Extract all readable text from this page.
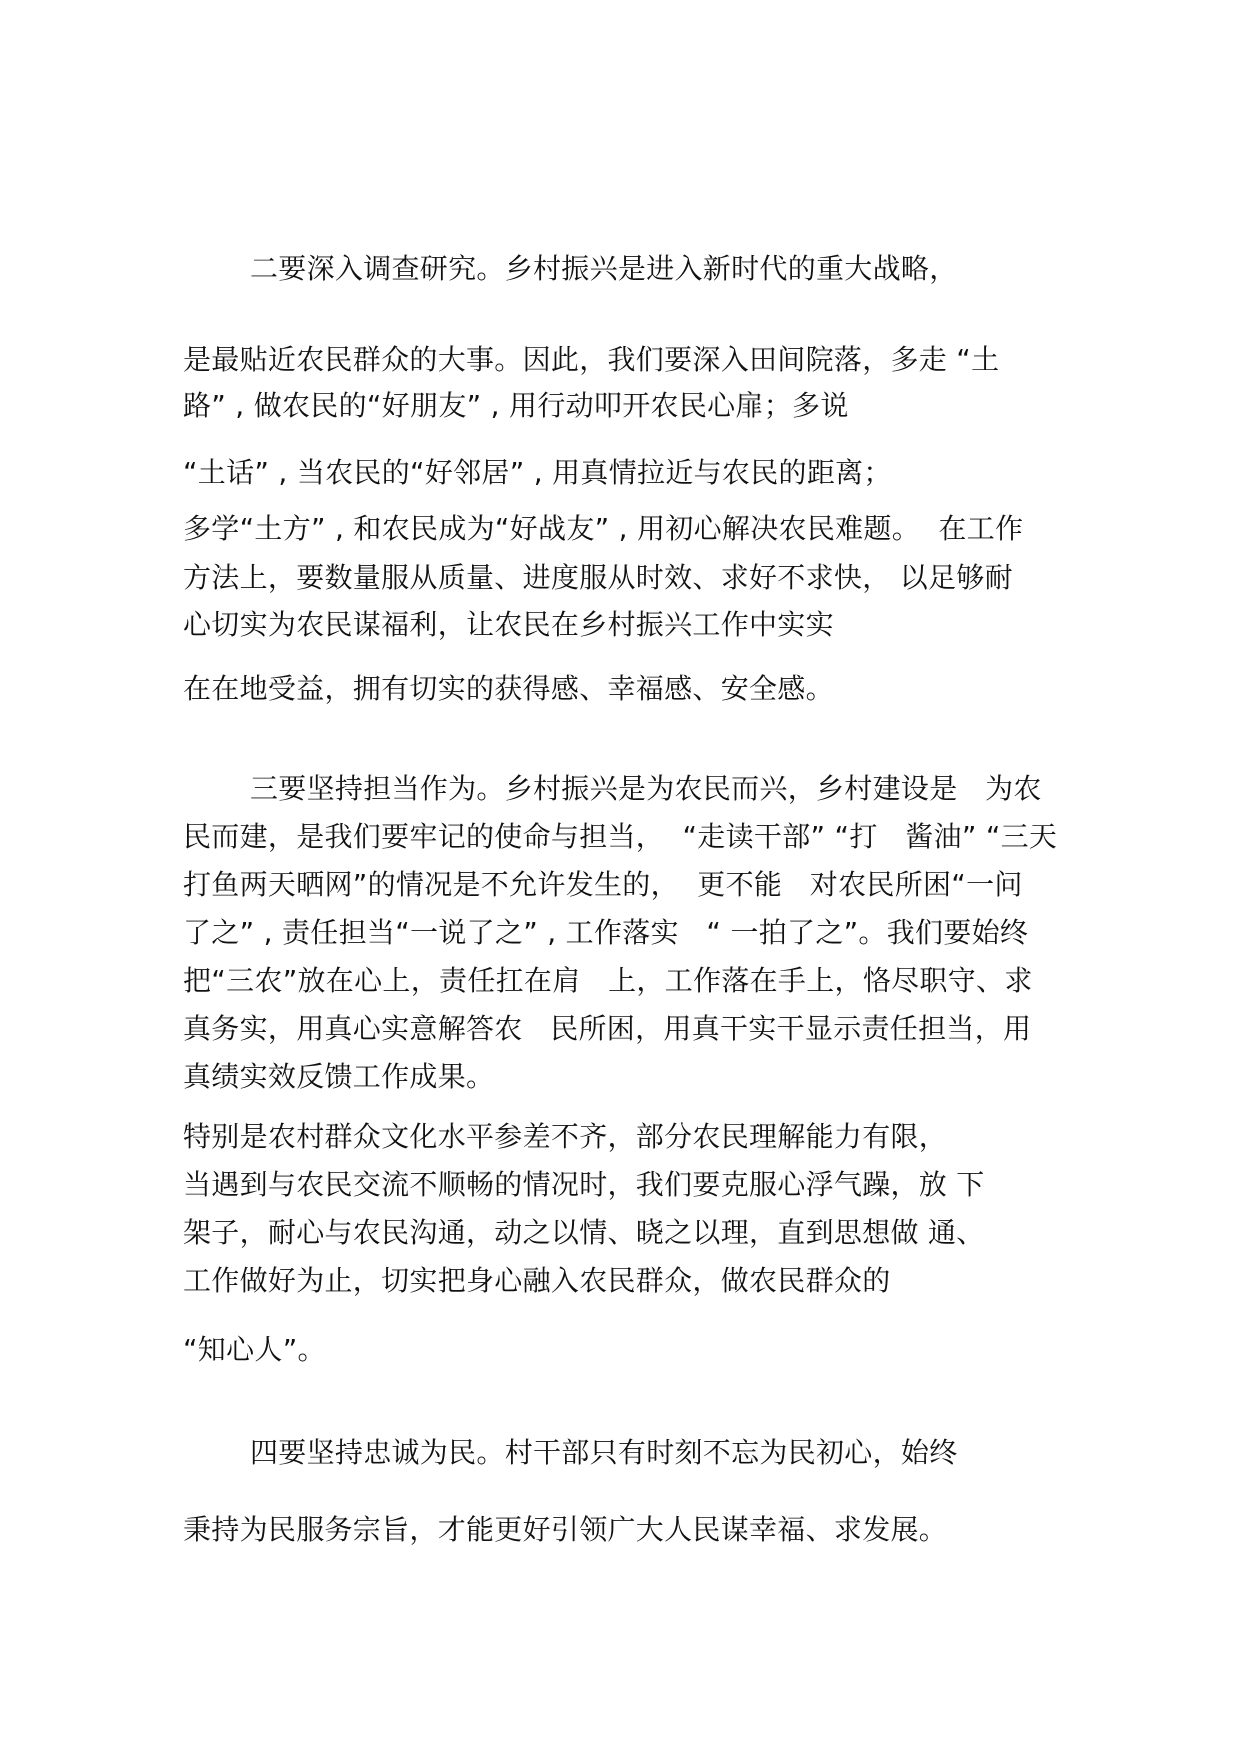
二要深入调查研究。乡村振兴是进入新时代的重大战略，
是最贴近农民群众的大事。因此，我们要深入田间院落，多走 “土
路” , 做农民的“好朋友” , 用行动叩开农民心扉；多说
“土话” , 当农民的“好邻居” , 用真情拉近与农民的距离；
多学“土方” , 和农民成为“好战友” , 用初心解决农民难题。  在工作
方法上，要数量服从质量、进度服从时效、求好不求快， 以足够耐
心切实为农民谋福利，让农民在乡村振兴工作中实实
在在地受益，拥有切实的获得感、幸福感、安全感。
三要坚持担当作为。乡村振兴是为农民而兴，乡村建设是   为农
民而建，是我们要牢记的使命与担当，  “走读干部” “打   酱油” “三天
打鱼两天晒网”的情况是不允许发生的，  更不能   对农民所困“一问
了之” , 责任担当“一说了之” , 工作落实   “ 一拍了之”。我们要始终
把“三农”放在心上，责任扛在肩   上，工作落在手上，恪尽职守、求
真务实，用真心实意解答农   民所困，用真干实干显示责任担当，用
真绩实效反馈工作成果。
特别是农村群众文化水平参差不齐，部分农民理解能力有限，
当遇到与农民交流不顺畅的情况时，我们要克服心浮气躁，放 下
架子，耐心与农民沟通，动之以情、晓之以理，直到思想做 通、
工作做好为止，切实把身心融入农民群众，做农民群众的
“知心人”。
四要坚持忠诚为民。村干部只有时刻不忘为民初心，始终
秉持为民服务宗旨，才能更好引领广大人民谋幸福、求发展。
